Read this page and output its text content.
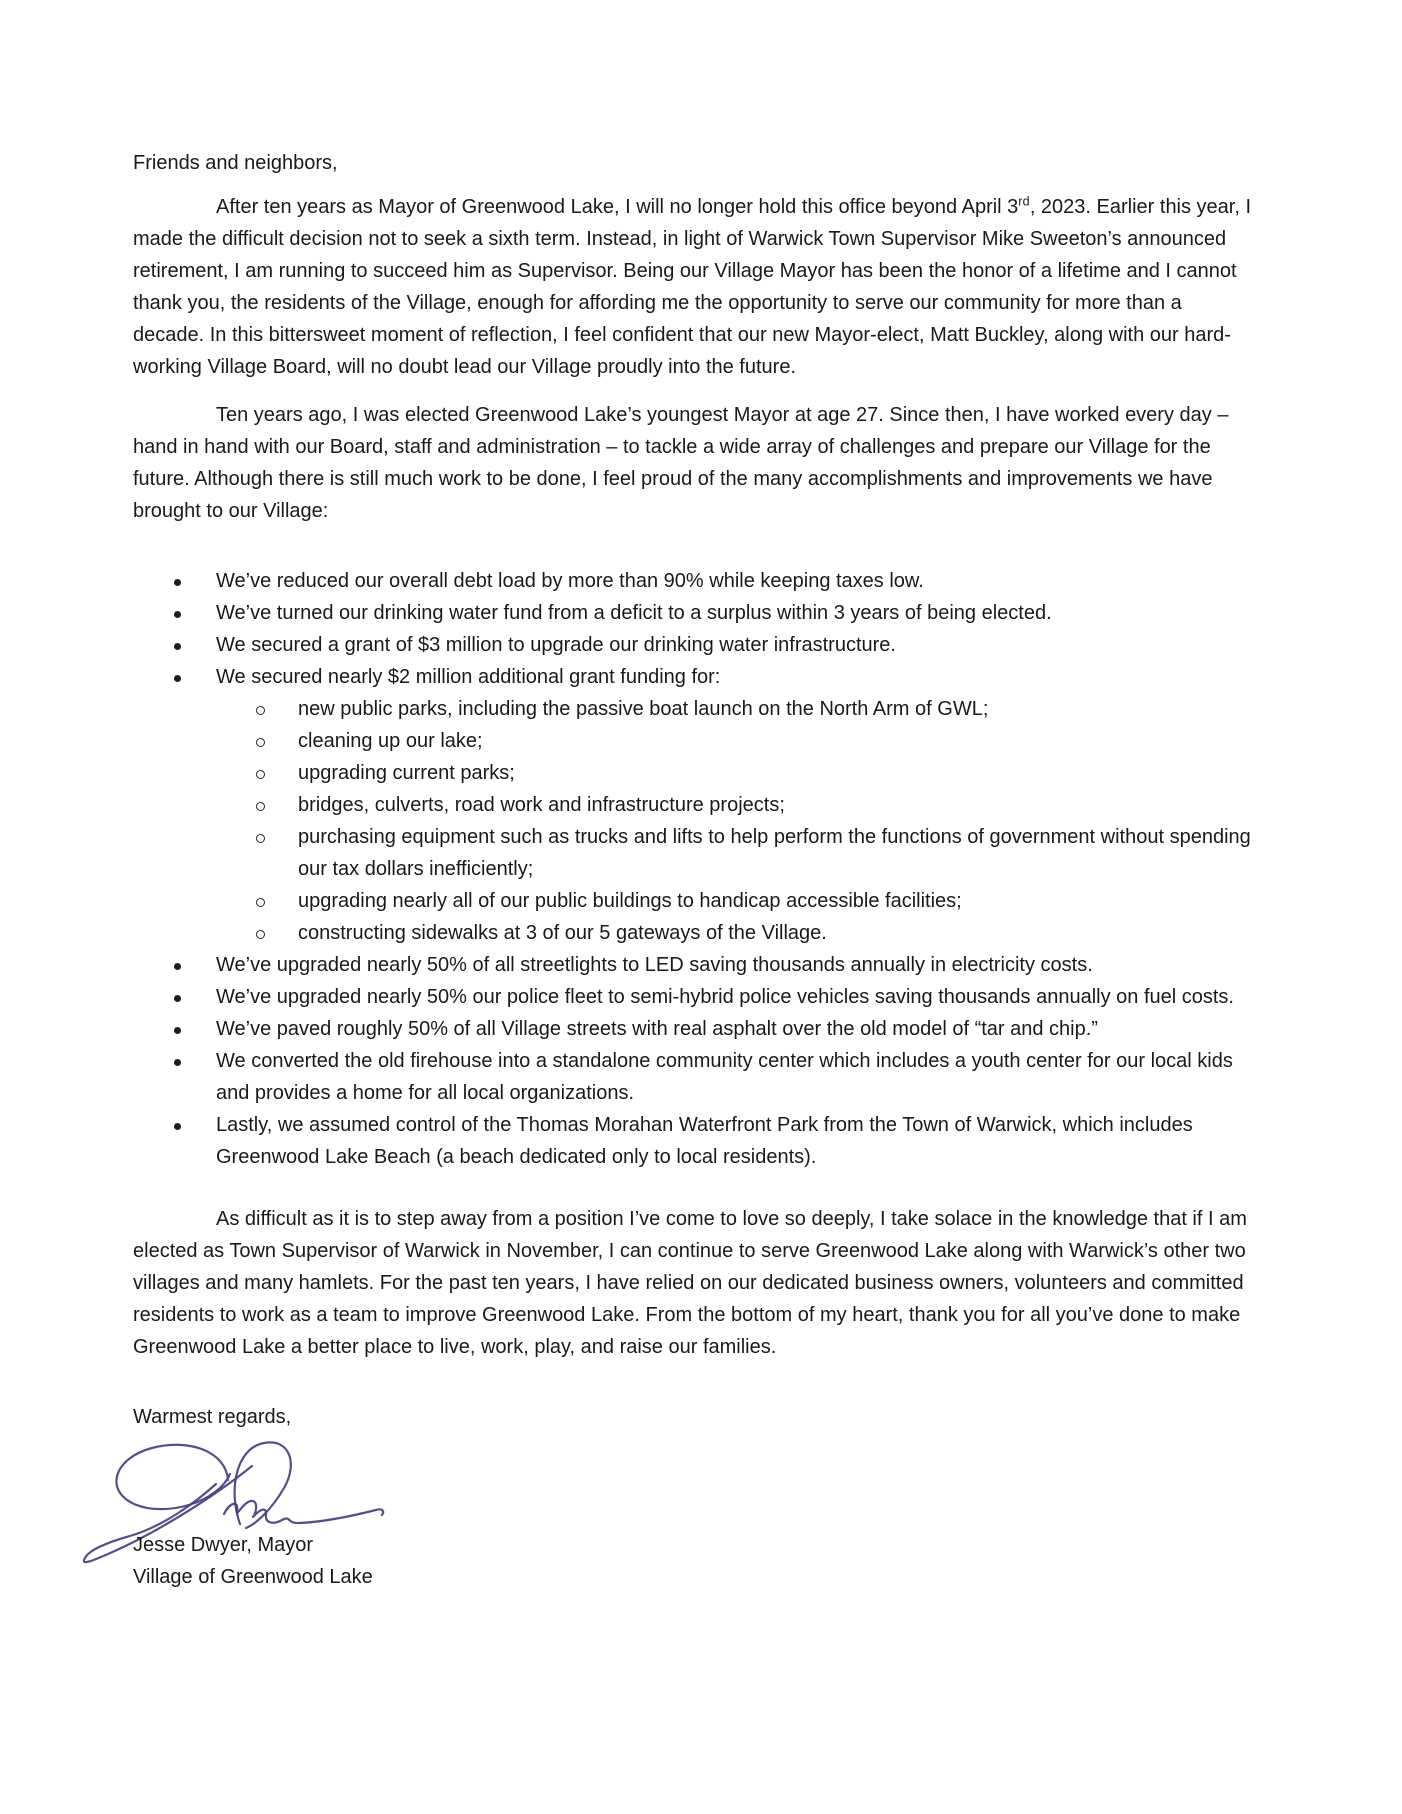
Friends and neighbors,

After ten years as Mayor of Greenwood Lake, I will no longer hold this office beyond April 3rd, 2023. Earlier this year, I made the difficult decision not to seek a sixth term. Instead, in light of Warwick Town Supervisor Mike Sweeton’s announced retirement, I am running to succeed him as Supervisor. Being our Village Mayor has been the honor of a lifetime and I cannot thank you, the residents of the Village, enough for affording me the opportunity to serve our community for more than a decade. In this bittersweet moment of reflection, I feel confident that our new Mayor-elect, Matt Buckley, along with our hard-working Village Board, will no doubt lead our Village proudly into the future.

Ten years ago, I was elected Greenwood Lake’s youngest Mayor at age 27. Since then, I have worked every day – hand in hand with our Board, staff and administration – to tackle a wide array of challenges and prepare our Village for the future. Although there is still much work to be done, I feel proud of the many accomplishments and improvements we have brought to our Village:

We’ve reduced our overall debt load by more than 90% while keeping taxes low.
We’ve turned our drinking water fund from a deficit to a surplus within 3 years of being elected.
We secured a grant of $3 million to upgrade our drinking water infrastructure.
We secured nearly $2 million additional grant funding for:
new public parks, including the passive boat launch on the North Arm of GWL;
cleaning up our lake;
upgrading current parks;
bridges, culverts, road work and infrastructure projects;
purchasing equipment such as trucks and lifts to help perform the functions of government without spending our tax dollars inefficiently;
upgrading nearly all of our public buildings to handicap accessible facilities;
constructing sidewalks at 3 of our 5 gateways of the Village.
We’ve upgraded nearly 50% of all streetlights to LED saving thousands annually in electricity costs.
We’ve upgraded nearly 50% our police fleet to semi-hybrid police vehicles saving thousands annually on fuel costs.
We’ve paved roughly 50% of all Village streets with real asphalt over the old model of “tar and chip.”
We converted the old firehouse into a standalone community center which includes a youth center for our local kids and provides a home for all local organizations.
Lastly, we assumed control of the Thomas Morahan Waterfront Park from the Town of Warwick, which includes Greenwood Lake Beach (a beach dedicated only to local residents).

As difficult as it is to step away from a position I’ve come to love so deeply, I take solace in the knowledge that if I am elected as Town Supervisor of Warwick in November, I can continue to serve Greenwood Lake along with Warwick’s other two villages and many hamlets. For the past ten years, I have relied on our dedicated business owners, volunteers and committed residents to work as a team to improve Greenwood Lake. From the bottom of my heart, thank you for all you’ve done to make Greenwood Lake a better place to live, work, play, and raise our families.

Warmest regards,

Jesse Dwyer, Mayor

Village of Greenwood Lake
